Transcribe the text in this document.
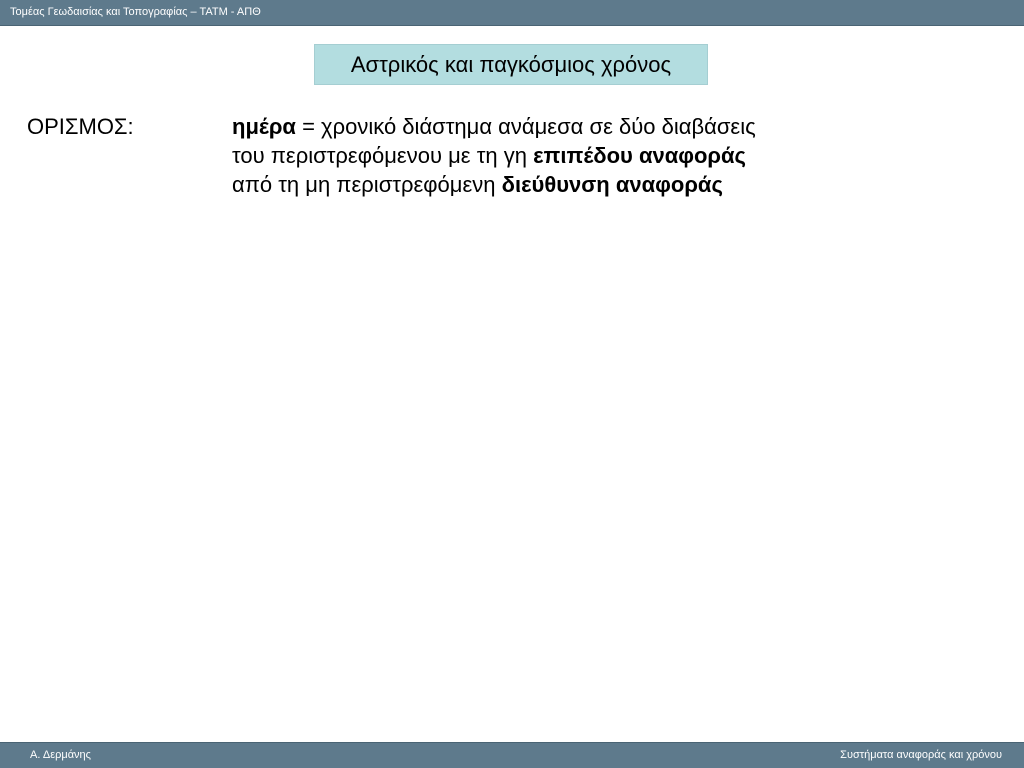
Τομέας Γεωδαισίας και Τοπογραφίας – ΤΑΤΜ - ΑΠΘ
Αστρικός και παγκόσμιος χρόνος
ΟΡΙΣΜΟΣ:	ημέρα = χρονικό διάστημα ανάμεσα σε δύο διαβάσεις
του περιστρεφόμενου με τη γη επιπέδου αναφοράς
από τη μη περιστρεφόμενη διεύθυνση αναφοράς
Α. Δερμάνης	Συστήματα αναφοράς και χρόνου
